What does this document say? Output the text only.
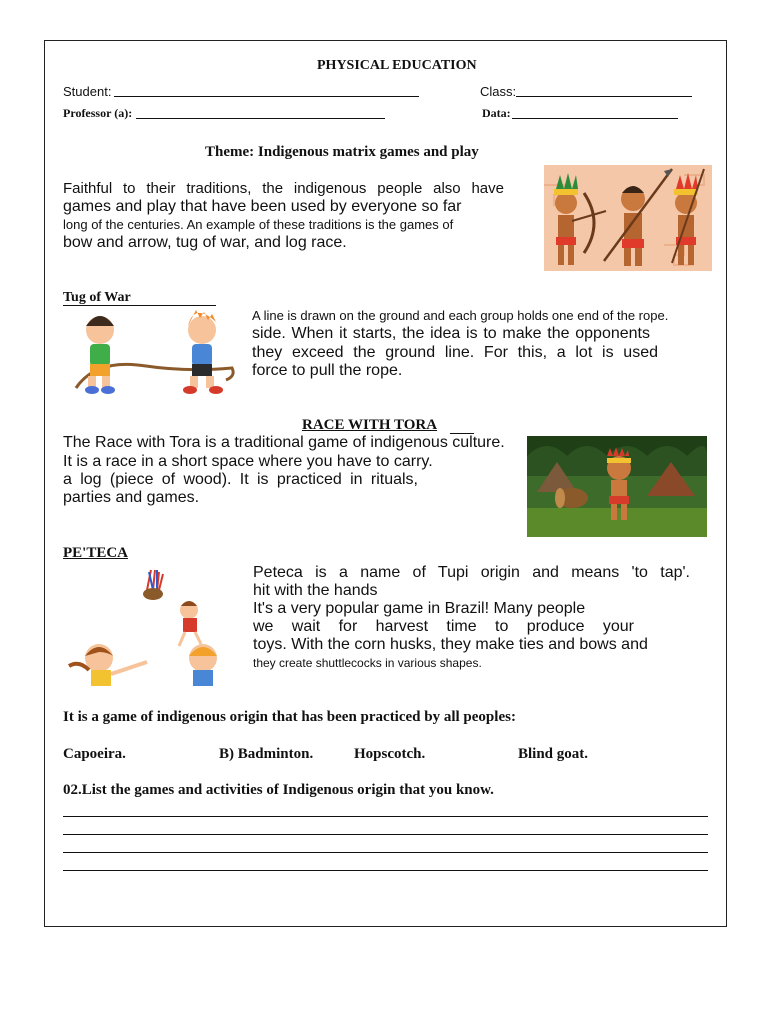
PHYSICAL EDUCATION
Student:	Class:
Professor (a):	Data:
Theme: Indigenous matrix games and play
Faithful to their traditions, the indigenous people also have
games and play that have been used by everyone so far
long of the centuries. An example of these traditions is the games of
bow and arrow, tug of war, and log race.
Tug of War
A line is drawn on the ground and each group holds one end of the rope.
side. When it starts, the idea is to make the opponents
they exceed the ground line. For this, a lot is used
force to pull the rope.
RACE WITH TORA
The Race with Tora is a traditional game of indigenous culture.
It is a race in a short space where you have to carry.
a log (piece of wood). It is practiced in rituals,
parties and games.
PE'TECA
Peteca is a name of Tupi origin and means 'to tap'.
hit with the hands
It's a very popular game in Brazil! Many people
we wait for harvest time to produce your
toys. With the corn husks, they make ties and bows and
they create shuttlecocks in various shapes.
It is a game of indigenous origin that has been practiced by all peoples:
Capoeira.	B) Badminton.	Hopscotch.	Blind goat.
02.List the games and activities of Indigenous origin that you know.
